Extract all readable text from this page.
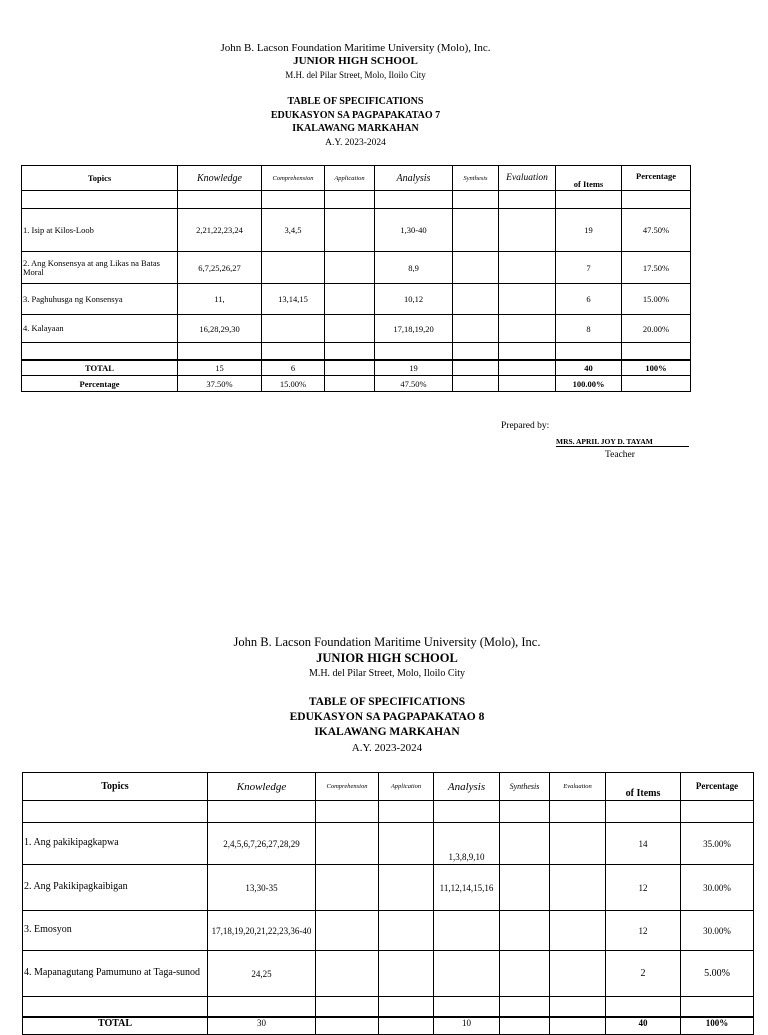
John B. Lacson Foundation Maritime University (Molo), Inc.
JUNIOR HIGH SCHOOL
M.H. del Pilar Street, Molo, Iloilo City
TABLE OF SPECIFICATIONS
EDUKASYON SA PAGPAPAKATAO 7
IKALAWANG MARKAHAN
A.Y. 2023-2024
Topics	Knowledge	Comprehension	Application	Analysis	Synthesis	Evaluation	of Items	Percentage

1. Isip at Kilos-Loob	2,21,22,23,24	3,4,5		1,30-40			19	47.50%
2. Ang Konsensya at ang Likas na Batas Moral	6,7,25,26,27			8,9			7	17.50%
3. Paghuhusga ng Konsensya	11,	13,14,15		10,12			6	15.00%
4. Kalayaan	16,28,29,30			17,18,19,20			8	20.00%

TOTAL	15	6		19			40	100%
Percentage	37.50%	15.00%		47.50%			100.00%	
Prepared by:
MRS. APRIL JOY D. TAYAM
Teacher
John B. Lacson Foundation Maritime University (Molo), Inc.
JUNIOR HIGH SCHOOL
M.H. del Pilar Street, Molo, Iloilo City
TABLE OF SPECIFICATIONS
EDUKASYON SA PAGPAPAKATAO 8
IKALAWANG MARKAHAN
A.Y. 2023-2024
Topics	Knowledge	Comprehension	Application	Analysis	Synthesis	Evaluation	of Items	Percentage

1. Ang pakikipagkapwa	2,4,5,6,7,26,27,28,29			1,3,8,9,10			14	35.00%
2. Ang Pakikipagkaibigan	13,30-35			11,12,14,15,16			12	30.00%
3. Emosyon	17,18,19,20,21,22,23,36-40						12	30.00%
4. Mapanagutang Pamumuno at Taga-sunod	24,25						2	5.00%

TOTAL	30			10			40	100%
